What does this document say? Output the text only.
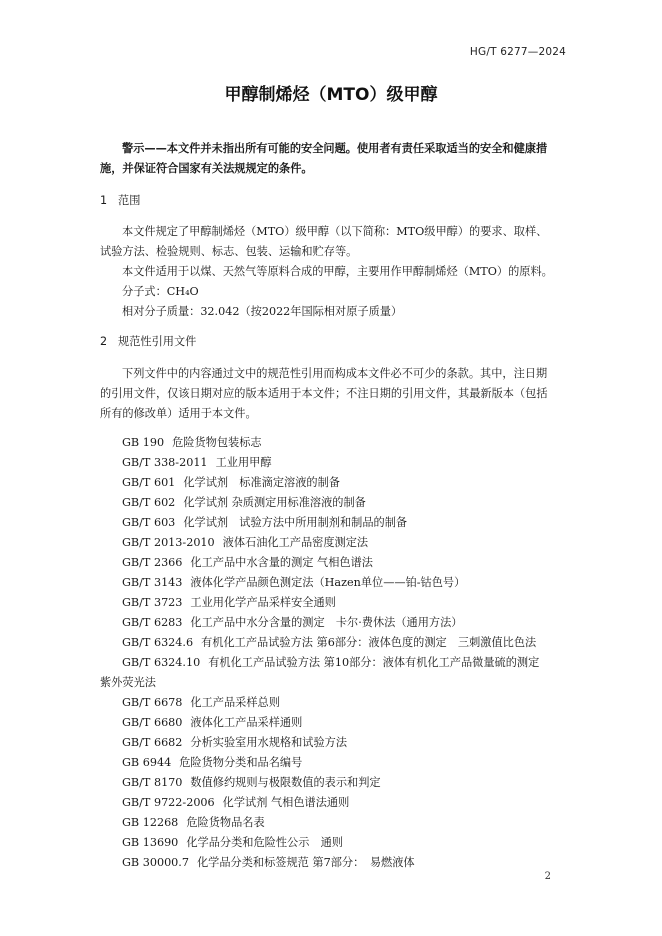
HG/T 6277—2024
甲醇制烯烃（MTO）级甲醇
警示——本文件并未指出所有可能的安全问题。使用者有责任采取适当的安全和健康措施，并保证符合国家有关法规规定的条件。
1 范围
本文件规定了甲醇制烯烃（MTO）级甲醇（以下简称：MTO级甲醇）的要求、取样、试验方法、检验规则、标志、包装、运输和贮存等。
本文件适用于以煤、天然气等原料合成的甲醇，主要用作甲醇制烯烃（MTO）的原料。
分子式：CH₄O
相对分子质量：32.042（按2022年国际相对原子质量）
2 规范性引用文件
下列文件中的内容通过文中的规范性引用而构成本文件必不可少的条款。其中，注日期的引用文件，仅该日期对应的版本适用于本文件；不注日期的引用文件，其最新版本（包括所有的修改单）适用于本文件。
GB 190 危险货物包装标志
GB/T 338-2011 工业用甲醇
GB/T 601 化学试剂　标准滴定溶液的制备
GB/T 602 化学试剂 杂质测定用标准溶液的制备
GB/T 603 化学试剂　试验方法中所用制剂和制品的制备
GB/T 2013-2010 液体石油化工产品密度测定法
GB/T 2366 化工产品中水含量的测定 气相色谱法
GB/T 3143 液体化学产品颜色测定法（Hazen单位——铂-钴色号）
GB/T 3723 工业用化学产品采样安全通则
GB/T 6283 化工产品中水分含量的测定　卡尔·费休法（通用方法）
GB/T 6324.6 有机化工产品试验方法 第6部分：液体色度的测定　三刺激值比色法
GB/T 6324.10 有机化工产品试验方法 第10部分：液体有机化工产品微量硫的测定　紫外荧光法
GB/T 6678 化工产品采样总则
GB/T 6680 液体化工产品采样通则
GB/T 6682 分析实验室用水规格和试验方法
GB 6944 危险货物分类和品名编号
GB/T 8170 数值修约规则与极限数值的表示和判定
GB/T 9722-2006 化学试剂 气相色谱法通则
GB 12268 危险货物品名表
GB 13690 化学品分类和危险性公示　通则
GB 30000.7 化学品分类和标签规范 第7部分：　易燃液体
2
